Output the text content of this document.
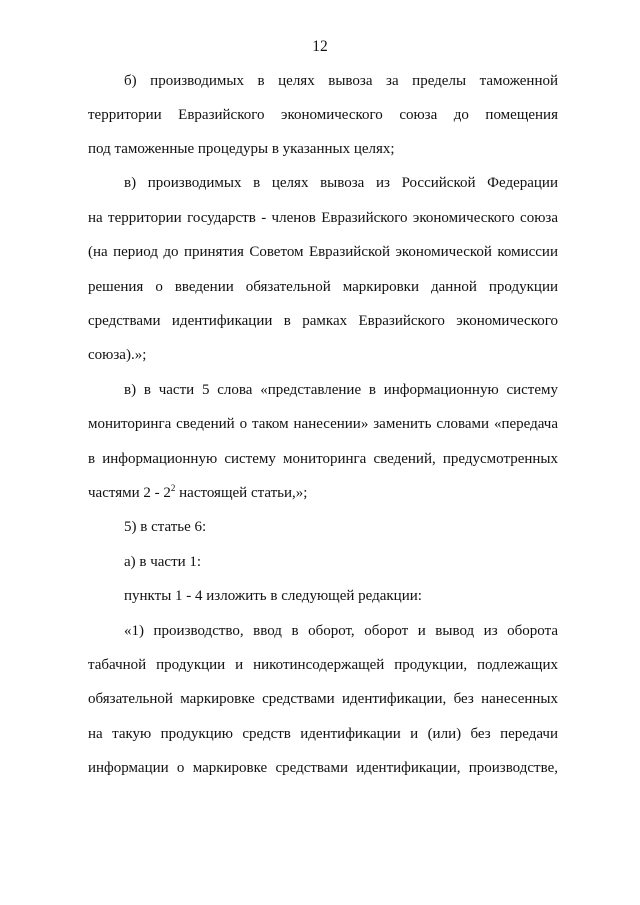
12
б) производимых в целях вывоза за пределы таможенной
территории Евразийского экономического союза до помещения
под таможенные процедуры в указанных целях;
в) производимых в целях вывоза из Российской Федерации
на территории государств - членов Евразийского экономического союза
(на период до принятия Советом Евразийской экономической комиссии
решения о введении обязательной маркировки данной продукции
средствами идентификации в рамках Евразийского экономического
союза).»;
в) в части 5 слова «представление в информационную систему
мониторинга сведений о таком нанесении» заменить словами «передача
в информационную систему мониторинга сведений, предусмотренных
частями $2 - 2^2$ настоящей статьи,»;
5) в статье 6:
а) в части 1:
пункты 1 - 4 изложить в следующей редакции:
«1) производство, ввод в оборот, оборот и вывод из оборота
табачной продукции и никотинсодержащей продукции, подлежащих
обязательной маркировке средствами идентификации, без нанесенных
на такую продукцию средств идентификации и (или) без передачи
информации о маркировке средствами идентификации, производстве,
